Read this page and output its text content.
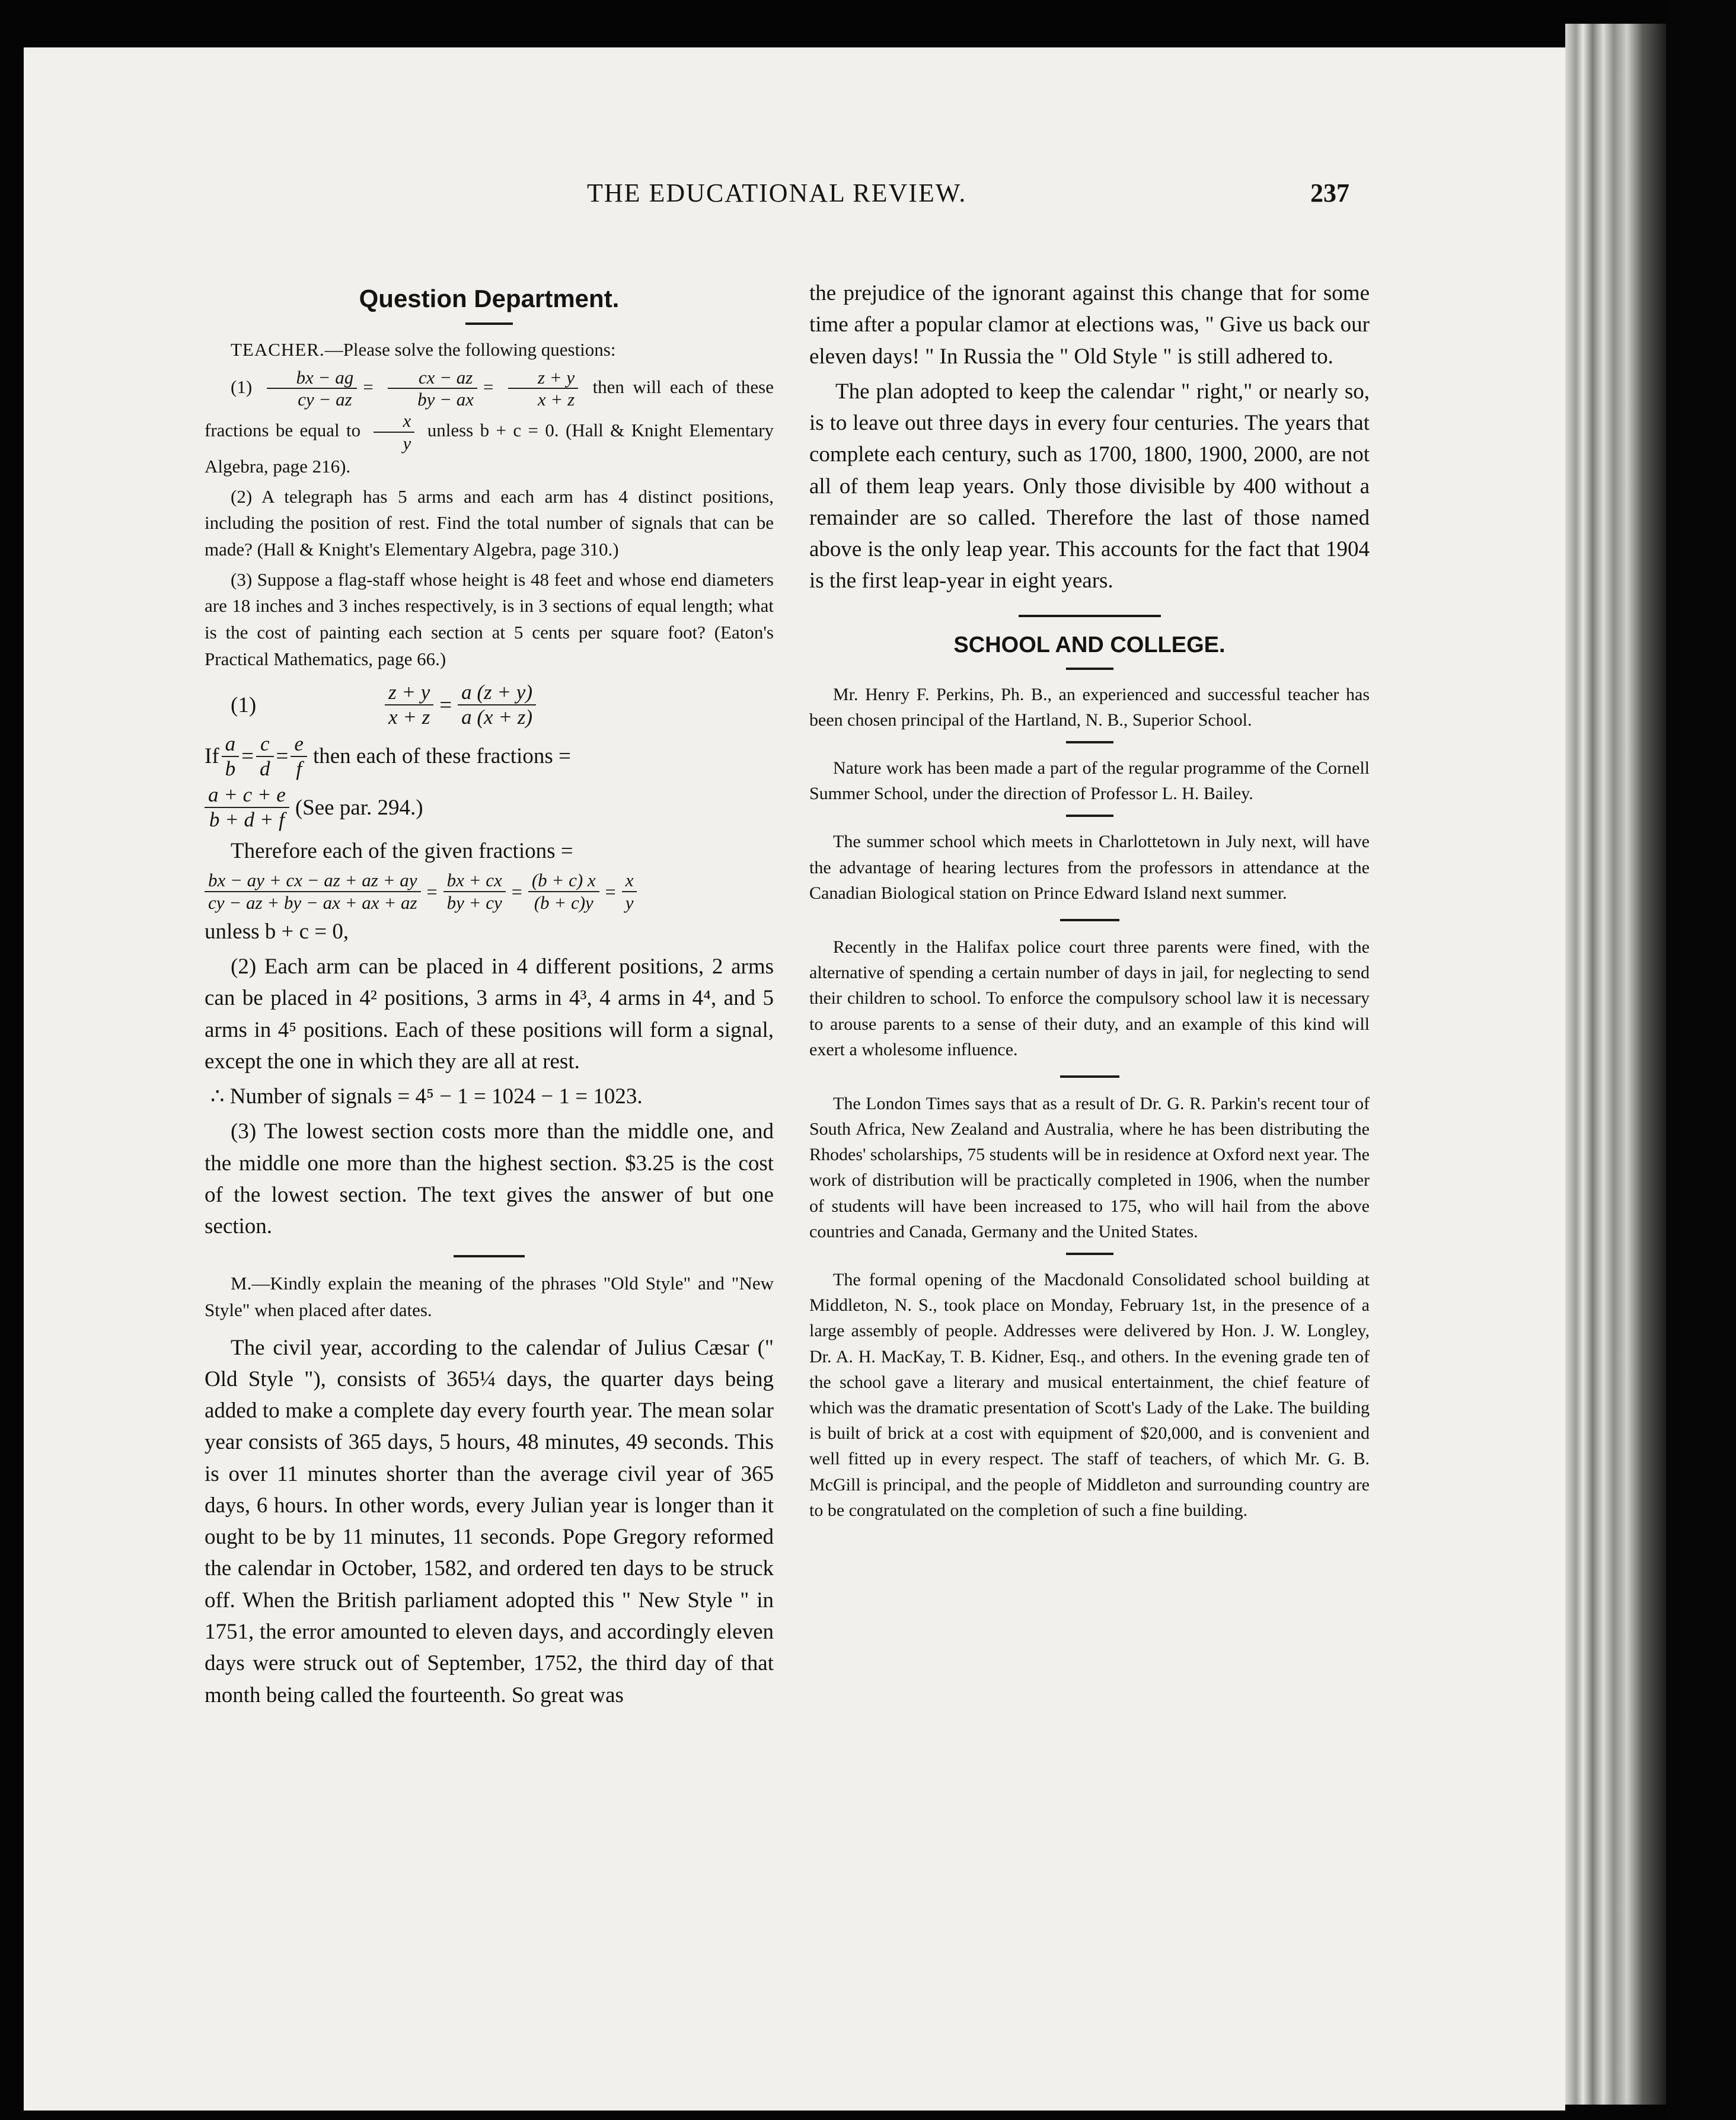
THE EDUCATIONAL REVIEW.	237
Question Department.

TEACHER.—Please solve the following questions:

$(1) \frac{bx - ag}{cy - az} = \frac{cx - az}{by - ax} = \frac{z + y}{x + z}$ then will each of these fractions be equal to $\frac{x}{y}$ unless b + c = 0. (Hall & Knight Elementary Algebra, page 216).

(2) A telegraph has 5 arms and each arm has 4 distinct positions, including the position of rest. Find the total number of signals that can be made? (Hall & Knight's Elementary Algebra, page 310.)

(3) Suppose a flag-staff whose height is 48 feet and whose end diameters are 18 inches and 3 inches respectively, is in 3 sections of equal length; what is the cost of painting each section at 5 cents per square foot? (Eaton's Practical Mathematics, page 66.)

(1)	$\frac{z + y}{x + z} = \frac{a (z + y)}{a (x + z)}$
If $\frac{a}{b} = \frac{c}{d} = \frac{e}{f}$ then each of these fractions =
$\frac{a + c + e}{b + d + f} (See$ par. 294.)
Therefore each of the given fractions =
$\frac{bx - ay + cx - az + az + ay}{cy - az + by - ax + ax + az} = \frac{bx + cx}{by + cy} = \frac{(b + c) x}{(b + c)y} = \frac{x}{y}$
unless b + c = 0,

(2) Each arm can be placed in 4 different positions, 2 arms can be placed in 4² positions, 3 arms in 4³, 4 arms in 4⁴, and 5 arms in 4⁵ positions. Each of these positions will form a signal, except the one in which they are all at rest.

∴ Number of signals = 4⁵ − 1 = 1024 − 1 = 1023.

(3) The lowest section costs more than the middle one, and the middle one more than the highest section. $3.25 is the cost of the lowest section. The text gives the answer of but one section.

M.—Kindly explain the meaning of the phrases "Old Style" and "New Style" when placed after dates.

The civil year, according to the calendar of Julius Cæsar (" Old Style "), consists of 365¼ days, the quarter days being added to make a complete day every fourth year. The mean solar year consists of 365 days, 5 hours, 48 minutes, 49 seconds. This is over 11 minutes shorter than the average civil year of 365 days, 6 hours. In other words, every Julian year is longer than it ought to be by 11 minutes, 11 seconds. Pope Gregory reformed the calendar in October, 1582, and ordered ten days to be struck off. When the British parliament adopted this " New Style " in 1751, the error amounted to eleven days, and accordingly eleven days were struck out of September, 1752, the third day of that month being called the fourteenth. So great was

the prejudice of the ignorant against this change that for some time after a popular clamor at elections was, " Give us back our eleven days! " In Russia the " Old Style " is still adhered to.

The plan adopted to keep the calendar " right," or nearly so, is to leave out three days in every four centuries. The years that complete each century, such as 1700, 1800, 1900, 2000, are not all of them leap years. Only those divisible by 400 without a remainder are so called. Therefore the last of those named above is the only leap year. This accounts for the fact that 1904 is the first leap-year in eight years.

SCHOOL AND COLLEGE.

Mr. Henry F. Perkins, Ph. B., an experienced and successful teacher has been chosen principal of the Hartland, N. B., Superior School.

Nature work has been made a part of the regular programme of the Cornell Summer School, under the direction of Professor L. H. Bailey.

The summer school which meets in Charlottetown in July next, will have the advantage of hearing lectures from the professors in attendance at the Canadian Biological station on Prince Edward Island next summer.

Recently in the Halifax police court three parents were fined, with the alternative of spending a certain number of days in jail, for neglecting to send their children to school. To enforce the compulsory school law it is necessary to arouse parents to a sense of their duty, and an example of this kind will exert a wholesome influence.

The London Times says that as a result of Dr. G. R. Parkin's recent tour of South Africa, New Zealand and Australia, where he has been distributing the Rhodes' scholarships, 75 students will be in residence at Oxford next year. The work of distribution will be practically completed in 1906, when the number of students will have been increased to 175, who will hail from the above countries and Canada, Germany and the United States.

The formal opening of the Macdonald Consolidated school building at Middleton, N. S., took place on Monday, February 1st, in the presence of a large assembly of people. Addresses were delivered by Hon. J. W. Longley, Dr. A. H. MacKay, T. B. Kidner, Esq., and others. In the evening grade ten of the school gave a literary and musical entertainment, the chief feature of which was the dramatic presentation of Scott's Lady of the Lake. The building is built of brick at a cost with equipment of $20,000, and is convenient and well fitted up in every respect. The staff of teachers, of which Mr. G. B. McGill is principal, and the people of Middleton and surrounding country are to be congratulated on the completion of such a fine building.
